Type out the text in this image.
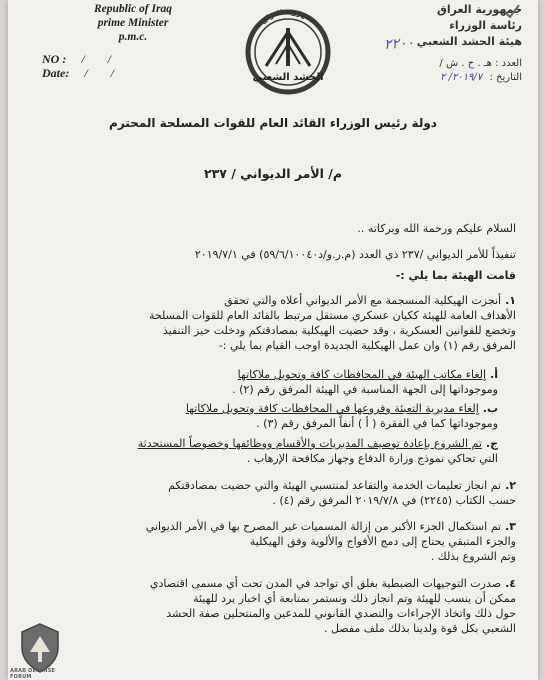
Republic of Iraq
prime Minister
p.m.c.
NO : / /
Date: / /
جمهورية العراق
الحشد الشعبي
جمهورية العراق
رئاسة الوزراء
هيئة الحشد الشعبي
٢٢٠٠
العدد : هـ . ح . ش /
التاريخ : ٢٠١٩/٧/ ٢
دولة رئيس الوزراء القائد العام للقوات المسلحة المحترم
م/ الأمر الديواني / ٢٣٧
السلام عليكم ورحمة الله وبركاته ..
تنفيذاً للأمر الديواني /٢٣٧ ذي العدد (م.ر.و/د٥٩/٦/١٠٠٤٠) في ٢٠١٩/٧/١
قامت الهيئة بما يلي :-
١.أنجزت الهيكلية المنسجمة مع الأمر الديواني أعلاه والتي تحقق
الأهداف العامة للهيئة ككيان عسكري مستقل مرتبط بالقائد العام للقوات المسلحة
وتخضع للقوانين العسكرية ، وقد حضيت الهيكلية بمصادقتكم ودخلت حيز التنفيذ
المرفق رقم (١) وان عمل الهيكلية الجديدة اوجب القيام بما يلي :-
أ.إلغاء مكاتب الهيئة في المحافظات كافة وتحويل ملاكاتها
وموجوداتها إلى الجهة المناسبة في الهيئة المرفق رقم (٢) .
ب.إلغاء مديرية التعبئة وفروعها في المحافظات كافة وتحويل ملاكاتها
وموجوداتها كما في الفقرة ( أ ) أنفاً المرفق رقم (٣) .
ج.تم الشروع بإعادة توصيف المديريات والأقسام ووظائفها وخصوصاً المستحدثة
التي تحاكي نموذج وزارة الدفاع وجهاز مكافحة الإرهاب .
٢.تم انجاز تعليمات الخدمة والتقاعد لمنتسبي الهيئة والتي حضيت بمصادقتكم
حسب الكتاب (٢٢٤٥) في ٢٠١٩/٧/٨ المرفق رقم (٤) .
٣.تم استكمال الجزء الأكبر من إزالة المسميات غير المصرح بها في الأمر الديواني
والجزء المتبقي يحتاج إلى دمج الأفواج والألوية وفق الهيكلية
وتم الشروع بذلك .
٤.صدرت التوجيهات الضبطية بغلق أي تواجد في المدن تحت أي مسمى اقتصادي
ممكن أن ينسب للهيئة وتم انجاز ذلك ونستمر بمتابعة أي اخبار يرد للهيئة
حول ذلك واتخاذ الإجراءات والتصدي القانوني للمدعين والمنتحلين صفة الحشد
الشعبي بكل قوة ولدينا بذلك ملف مفصل .
ARAB DEFENSE FORUM
